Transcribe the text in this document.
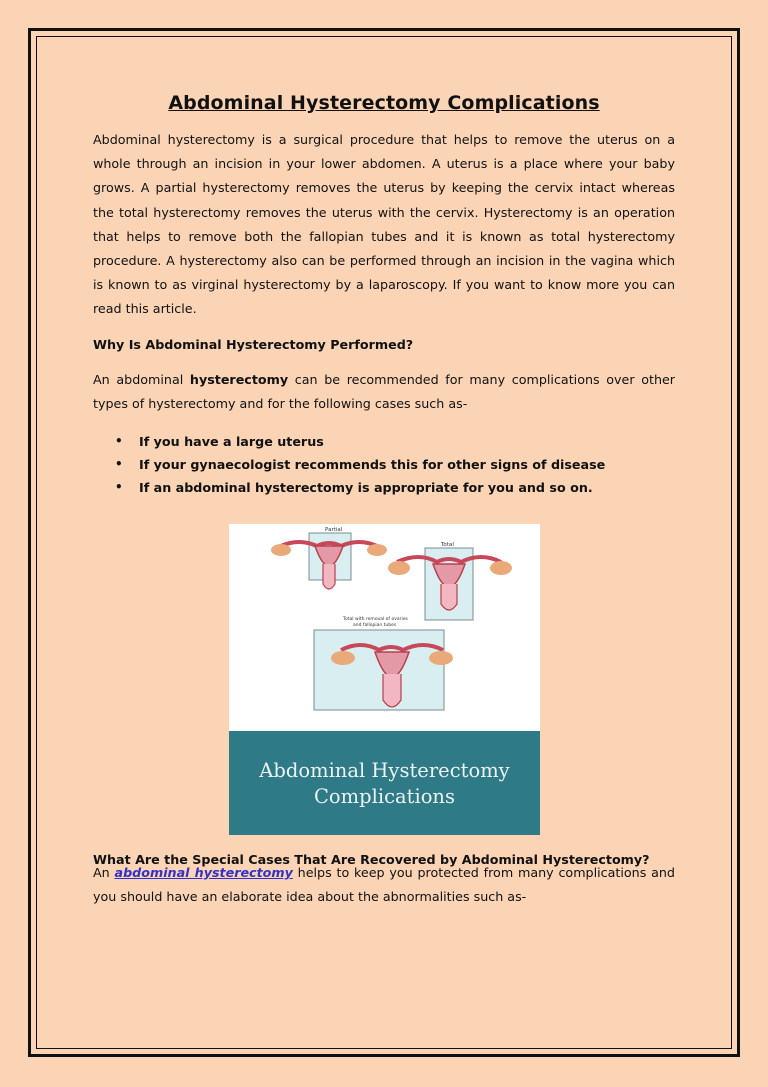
Abdominal Hysterectomy Complications

Abdominal hysterectomy is a surgical procedure that helps to remove the uterus on a whole through an incision in your lower abdomen. A uterus is a place where your baby grows. A partial hysterectomy removes the uterus by keeping the cervix intact whereas the total hysterectomy removes the uterus with the cervix. Hysterectomy is an operation that helps to remove both the fallopian tubes and it is known as total hysterectomy procedure. A hysterectomy also can be performed through an incision in the vagina which is known to as virginal hysterectomy by a laparoscopy. If you want to know more you can read this article.

Why Is Abdominal Hysterectomy Performed?

An abdominal hysterectomy can be recommended for many complications over other types of hysterectomy and for the following cases such as-

• If you have a large uterus
• If your gynaecologist recommends this for other signs of disease
• If an abdominal hysterectomy is appropriate for you and so on.
Partial
Total
Total with removal of ovaries
and fallopian tubes
Abdominal Hysterectomy
Complications

What Are the Special Cases That Are Recovered by Abdominal Hysterectomy?

An abdominal hysterectomy helps to keep you protected from many complications and you should have an elaborate idea about the abnormalities such as-
